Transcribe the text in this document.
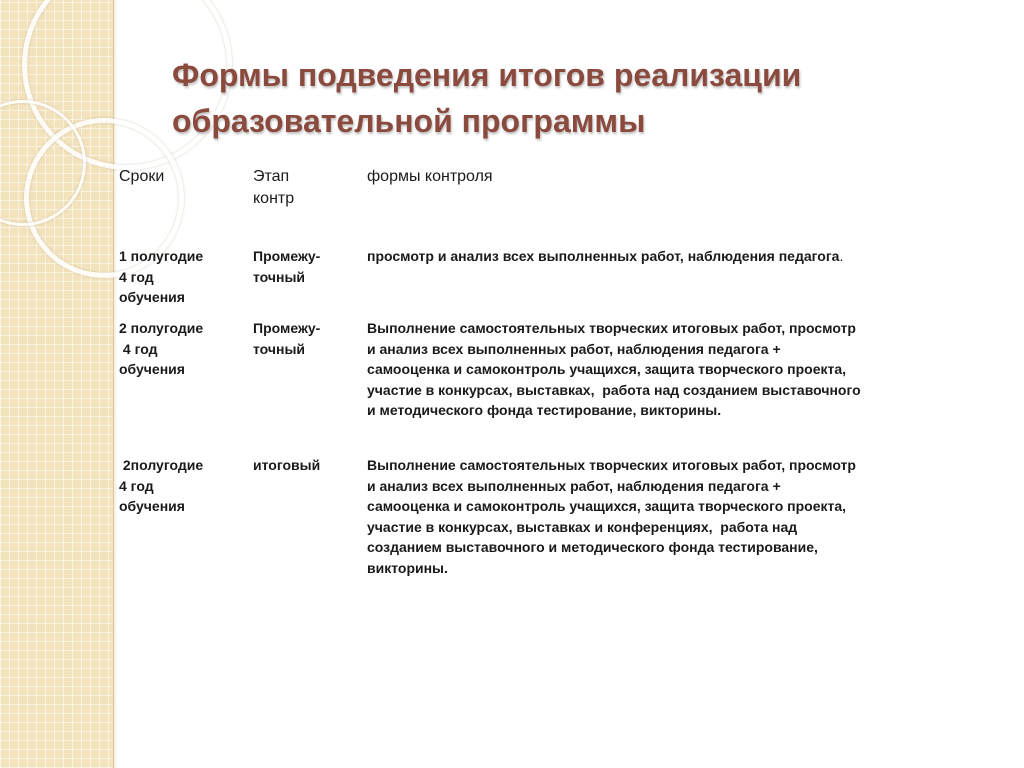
Формы подведения итогов реализации
образовательной программы
Сроки	Этап
контр
формы контроля
1 полугодие
4 год
обучения
Промежу-
точный
просмотр и анализ всех выполненных работ, наблюдения педагога.
2 полугодие
4 год
обучения
Промежу-
точный
Выполнение самостоятельных творческих итоговых работ, просмотр
и анализ всех выполненных работ, наблюдения педагога +
самооценка и самоконтроль учащихся, защита творческого проекта,
участие в конкурсах, выставках,  работа над созданием выставочного
и методического фонда тестирование, викторины.
2полугодие
4 год
обучения
итоговый	Выполнение самостоятельных творческих итоговых работ, просмотр
и анализ всех выполненных работ, наблюдения педагога +
самооценка и самоконтроль учащихся, защита творческого проекта,
участие в конкурсах, выставках и конференциях,  работа над
созданием выставочного и методического фонда тестирование,
викторины.
